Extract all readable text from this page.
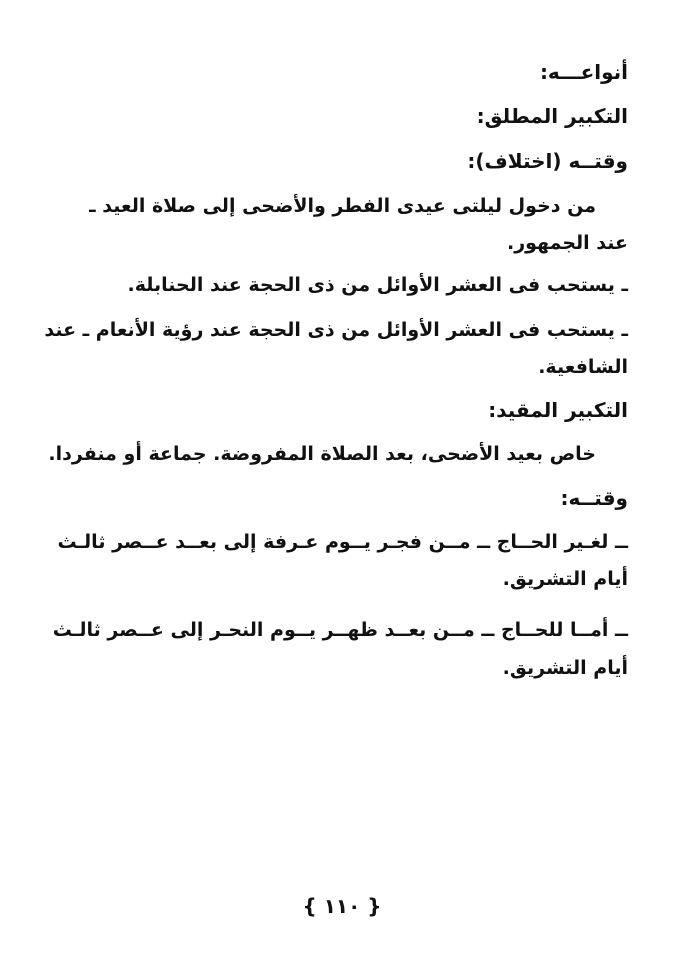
أنواعـــه:
التكبير المطلق:
وقتــه (اختلاف):
من دخول ليلتى عيدى الفطر والأضحى إلى صلاة العيد ـ
عند الجمهور.
ـ يستحب فى العشر الأوائل من ذى الحجة عند الحنابلة.
ـ يستحب فى العشر الأوائل من ذى الحجة عند رؤية الأنعام ـ عند
الشافعية.
التكبير المقيد:
خاص بعيد الأضحى، بعد الصلاة المفروضة. جماعة أو منفردا.
وقتــه:
ــ لغـير الحــاج ــ مــن فجـر يــوم عـرفة إلى بعــد عــصر ثالـث
أيام التشريق.
ــ أمــا للحــاج ــ مــن بعــد ظهــر يــوم النحـر إلى عــصر ثالـث
أيام التشريق.
{ ١١٠ }
